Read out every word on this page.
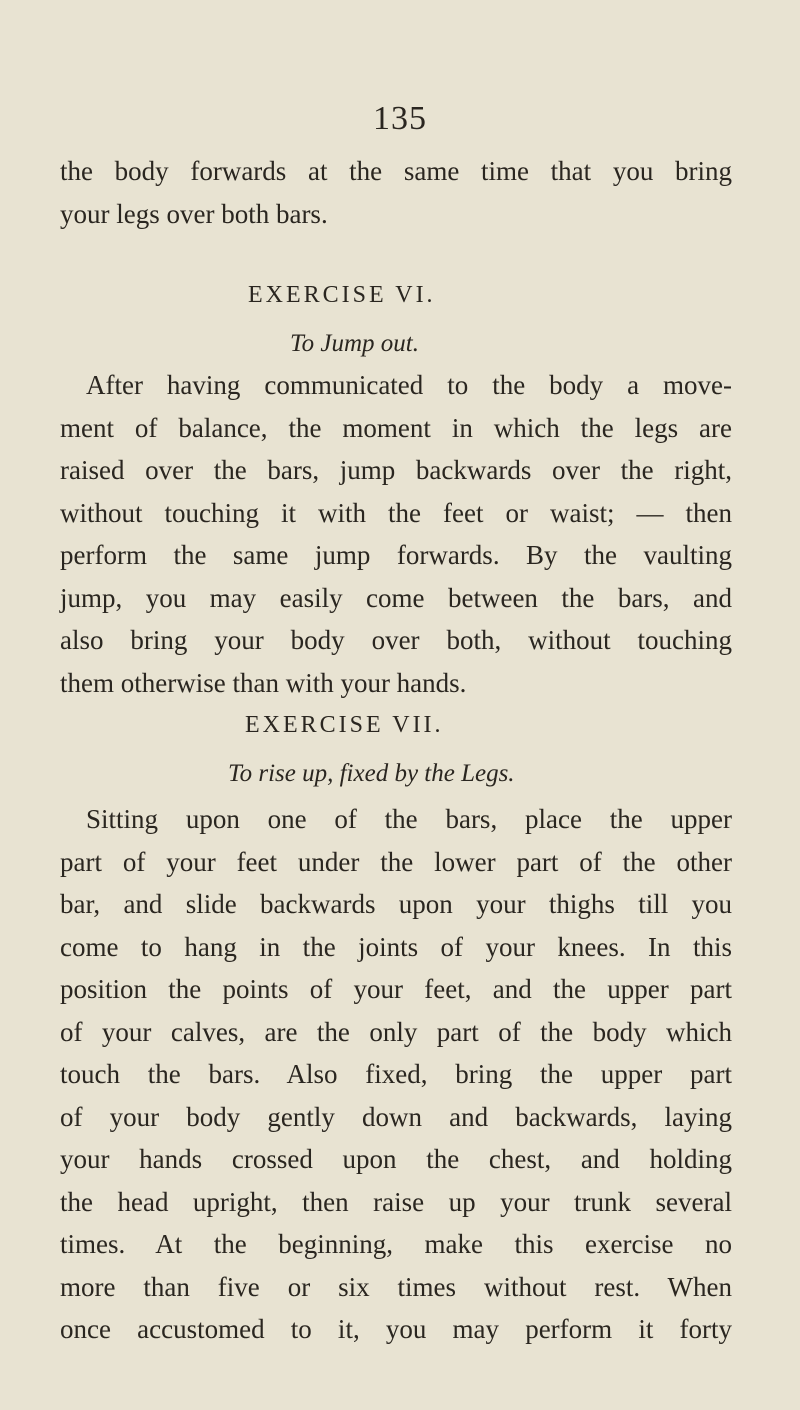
135

the body forwards at the same time that you bring
your legs over both bars.

EXERCISE VI.
To Jump out.

After having communicated to the body a move-
ment of balance, the moment in which the legs are
raised over the bars, jump backwards over the right,
without touching it with the feet or waist; — then
perform the same jump forwards. By the vaulting
jump, you may easily come between the bars, and
also bring your body over both, without touching
them otherwise than with your hands.

EXERCISE VII.
To rise up, fixed by the Legs.

Sitting upon one of the bars, place the upper
part of your feet under the lower part of the other
bar, and slide backwards upon your thighs till you
come to hang in the joints of your knees. In this
position the points of your feet, and the upper part
of your calves, are the only part of the body which
touch the bars. Also fixed, bring the upper part
of your body gently down and backwards, laying
your hands crossed upon the chest, and holding
the head upright, then raise up your trunk several
times. At the beginning, make this exercise no
more than five or six times without rest. When
once accustomed to it, you may perform it forty
